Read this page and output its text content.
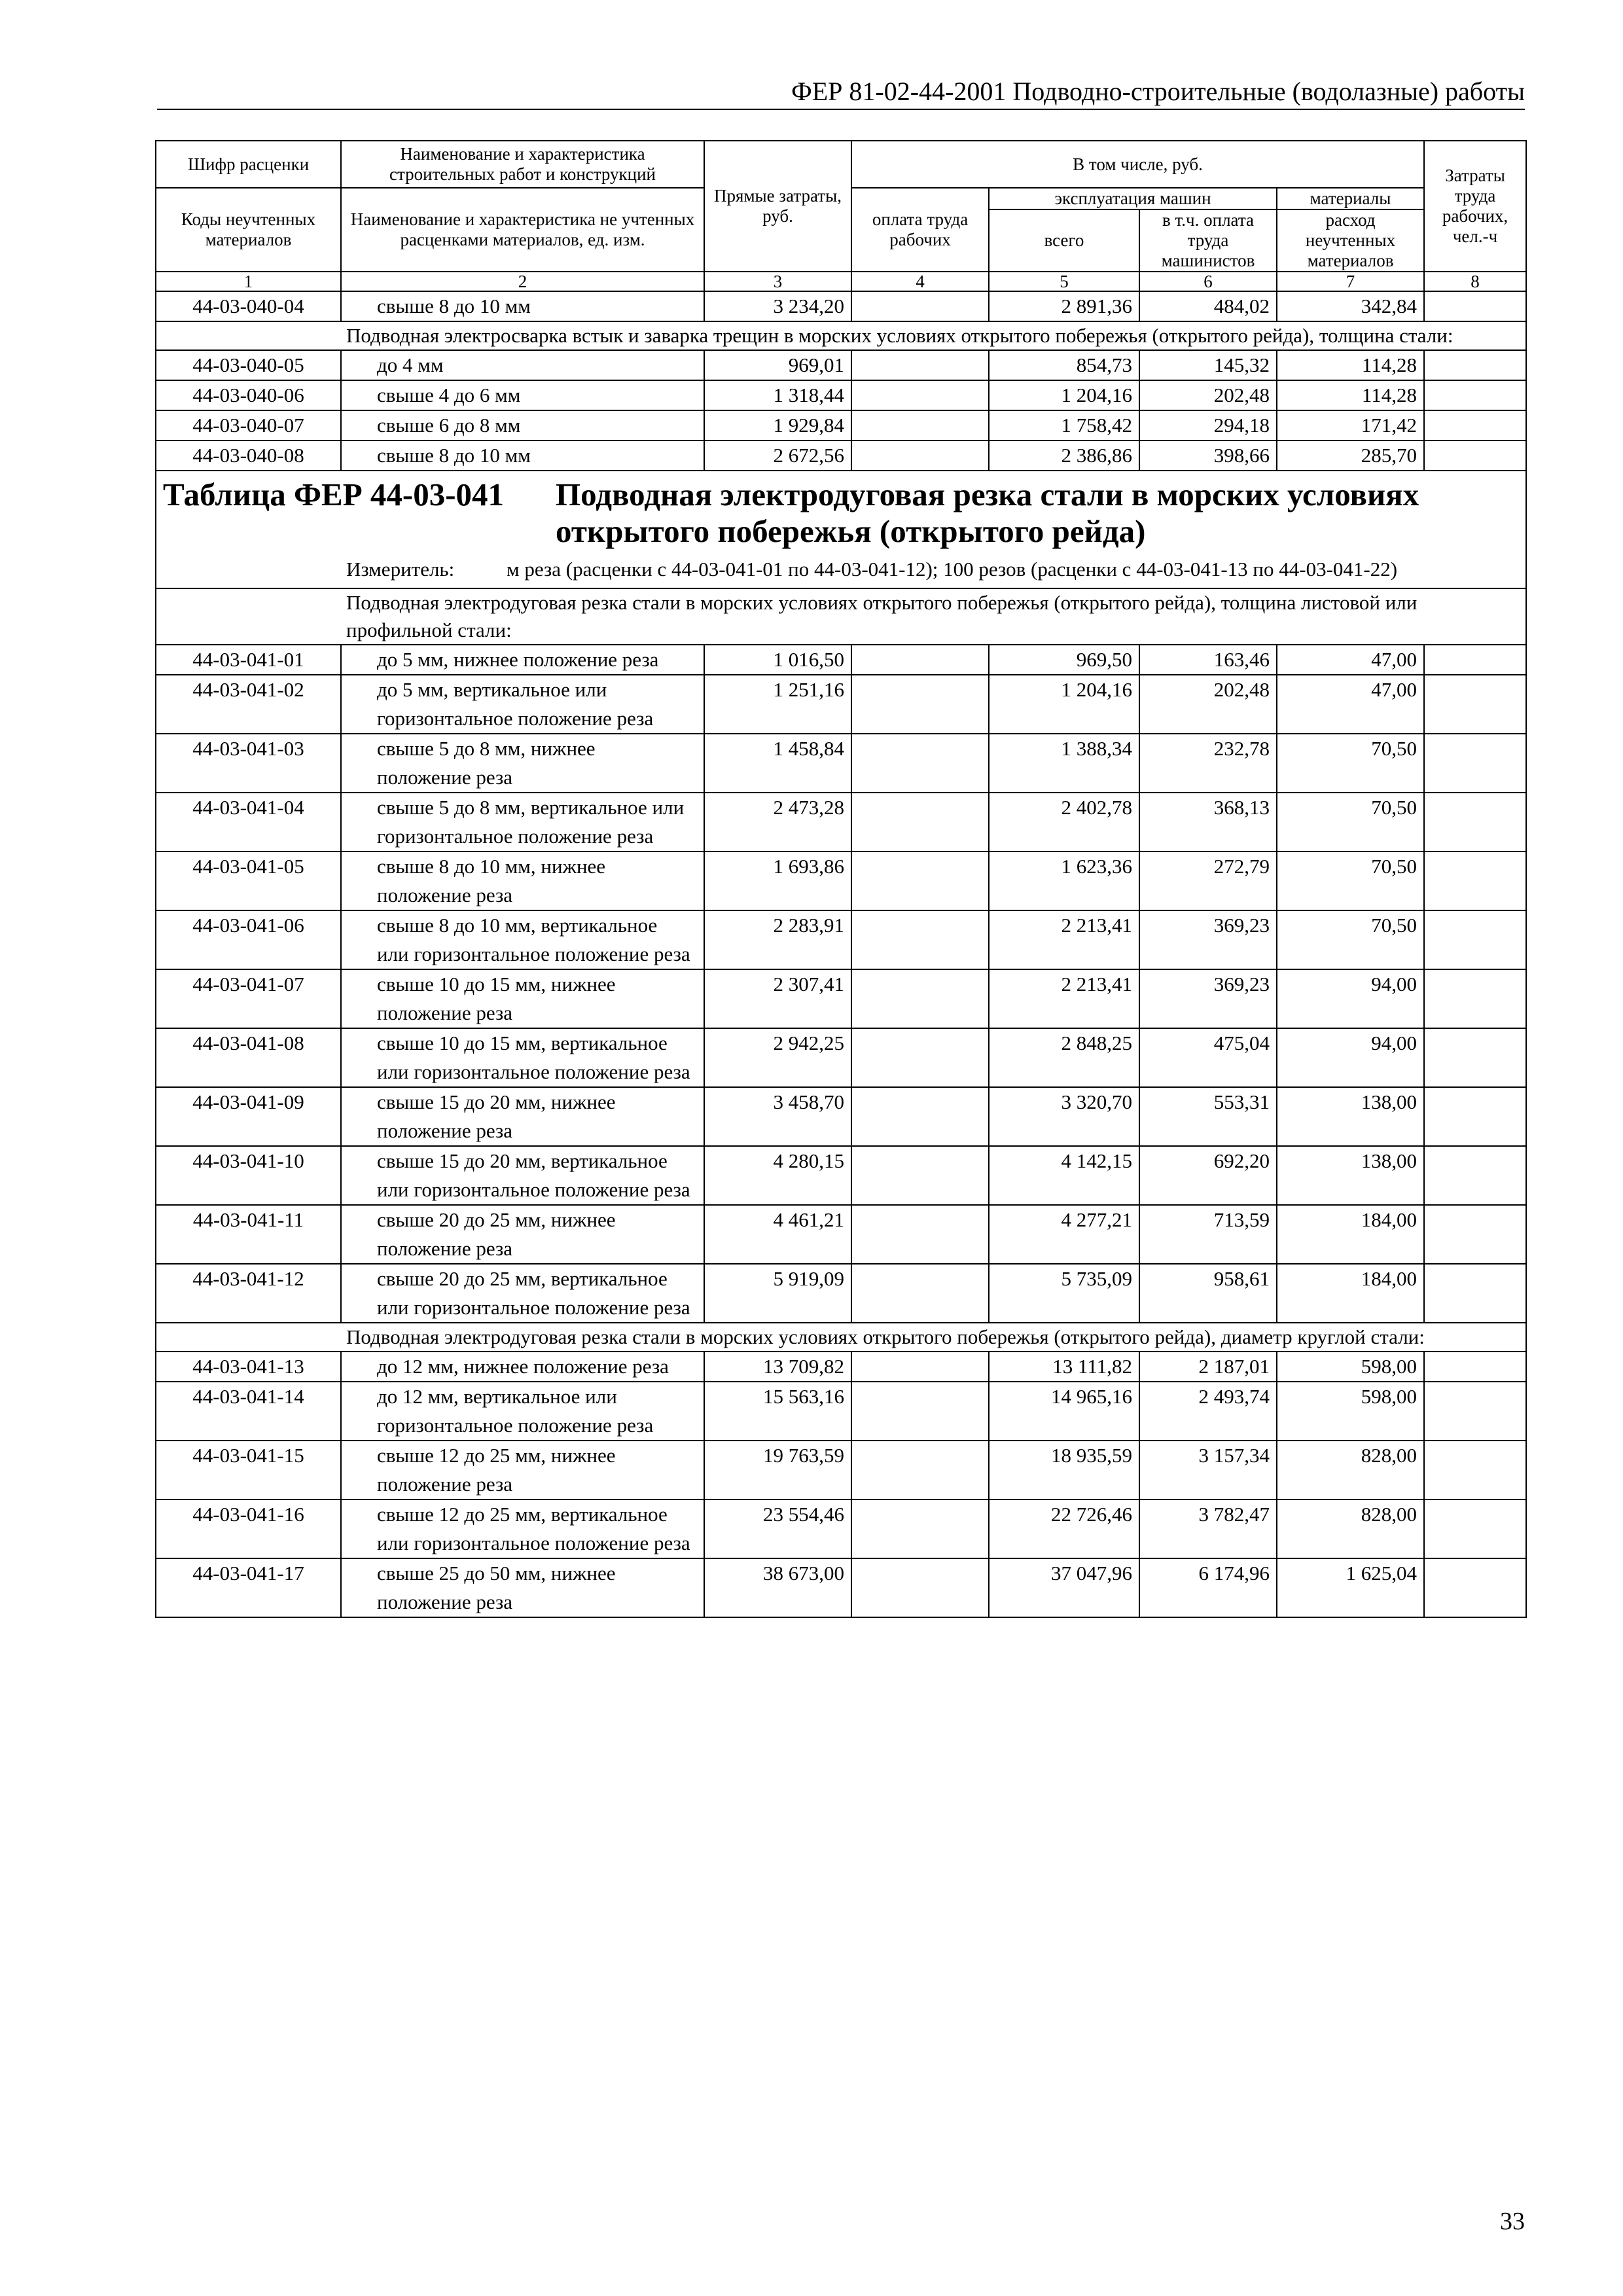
ФЕР 81-02-44-2001 Подводно-строительные (водолазные) работы
Шифр расценки	Наименование и характеристика строительных работ и конструкций	Прямые затраты, руб.	В том числе, руб.				Затраты труда рабочих, чел.-ч
Коды неучтенных материалов	Наименование и характеристика не учтенных расценками материалов, ед. изм.		оплата труда рабочих	эксплуатация машин		материалы	
				всего	в т.ч. оплата труда машинистов	расход неучтенных материалов	
1	2	3	4	5	6	7	8
44-03-040-04	свыше 8 до 10 мм	3 234,20		2 891,36	484,02	342,84	
Подводная электросварка встык и заварка трещин в морских условиях открытого побережья (открытого рейда), толщина стали:							
44-03-040-05	до 4 мм	969,01		854,73	145,32	114,28	
44-03-040-06	свыше 4 до 6 мм	1 318,44		1 204,16	202,48	114,28	
44-03-040-07	свыше 6 до 8 мм	1 929,84		1 758,42	294,18	171,42	
44-03-040-08	свыше 8 до 10 мм	2 672,56		2 386,86	398,66	285,70	

Таблица ФЕР 44-03-041 Подводная электродуговая резка стали в морских условиях
открытого побережья (открытого рейда)
Измеритель: м реза (расценки с 44-03-041-01 по 44-03-041-12); 100 резов (расценки с 44-03-041-13 по 44-03-041-22)							

Подводная электродуговая резка стали в морских условиях открытого побережья (открытого рейда), толщина листовой или профильной стали:							
44-03-041-01	до 5 мм, нижнее положение реза	1 016,50		969,50	163,46	47,00	
44-03-041-02	до 5 мм, вертикальное или горизонтальное положение реза	1 251,16		1 204,16	202,48	47,00	
44-03-041-03	свыше 5 до 8 мм, нижнее положение реза	1 458,84		1 388,34	232,78	70,50	
44-03-041-04	свыше 5 до 8 мм, вертикальное или горизонтальное положение реза	2 473,28		2 402,78	368,13	70,50	
44-03-041-05	свыше 8 до 10 мм, нижнее положение реза	1 693,86		1 623,36	272,79	70,50	
44-03-041-06	свыше 8 до 10 мм, вертикальное или горизонтальное положение реза	2 283,91		2 213,41	369,23	70,50	
44-03-041-07	свыше 10 до 15 мм, нижнее положение реза	2 307,41		2 213,41	369,23	94,00	
44-03-041-08	свыше 10 до 15 мм, вертикальное или горизонтальное положение реза	2 942,25		2 848,25	475,04	94,00	
44-03-041-09	свыше 15 до 20 мм, нижнее положение реза	3 458,70		3 320,70	553,31	138,00	
44-03-041-10	свыше 15 до 20 мм, вертикальное или горизонтальное положение реза	4 280,15		4 142,15	692,20	138,00	
44-03-041-11	свыше 20 до 25 мм, нижнее положение реза	4 461,21		4 277,21	713,59	184,00	
44-03-041-12	свыше 20 до 25 мм, вертикальное или горизонтальное положение реза	5 919,09		5 735,09	958,61	184,00	
Подводная электродуговая резка стали в морских условиях открытого побережья (открытого рейда), диаметр круглой стали:							
44-03-041-13	до 12 мм, нижнее положение реза	13 709,82		13 111,82	2 187,01	598,00	
44-03-041-14	до 12 мм, вертикальное или горизонтальное положение реза	15 563,16		14 965,16	2 493,74	598,00	
44-03-041-15	свыше 12 до 25 мм, нижнее положение реза	19 763,59		18 935,59	3 157,34	828,00	
44-03-041-16	свыше 12 до 25 мм, вертикальное или горизонтальное положение реза	23 554,46		22 726,46	3 782,47	828,00	
44-03-041-17	свыше 25 до 50 мм, нижнее положение реза	38 673,00		37 047,96	6 174,96	1 625,04	
33
